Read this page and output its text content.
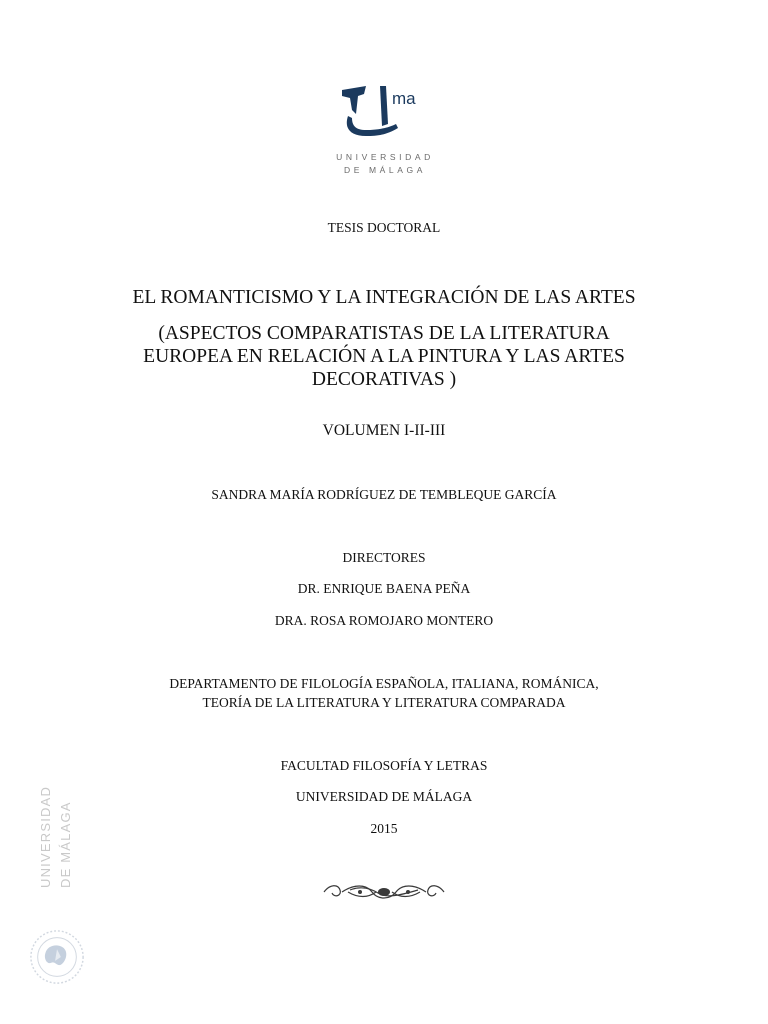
ma
UNIVERSIDAD
DE MÁLAGA
TESIS DOCTORAL
EL ROMANTICISMO Y LA INTEGRACIÓN DE LAS ARTES
(ASPECTOS COMPARATISTAS DE LA LITERATURA
EUROPEA EN RELACIÓN A LA PINTURA Y LAS ARTES
DECORATIVAS )
VOLUMEN I-II-III
SANDRA MARÍA RODRÍGUEZ DE TEMBLEQUE GARCÍA
DIRECTORES
DR. ENRIQUE BAENA PEÑA
DRA. ROSA ROMOJARO MONTERO
DEPARTAMENTO DE FILOLOGÍA ESPAÑOLA, ITALIANA, ROMÁNICA,
TEORÍA DE LA LITERATURA Y LITERATURA COMPARADA
FACULTAD FILOSOFÍA Y LETRAS
UNIVERSIDAD DE MÁLAGA
2015
UNIVERSIDAD DE MÁLAGA
